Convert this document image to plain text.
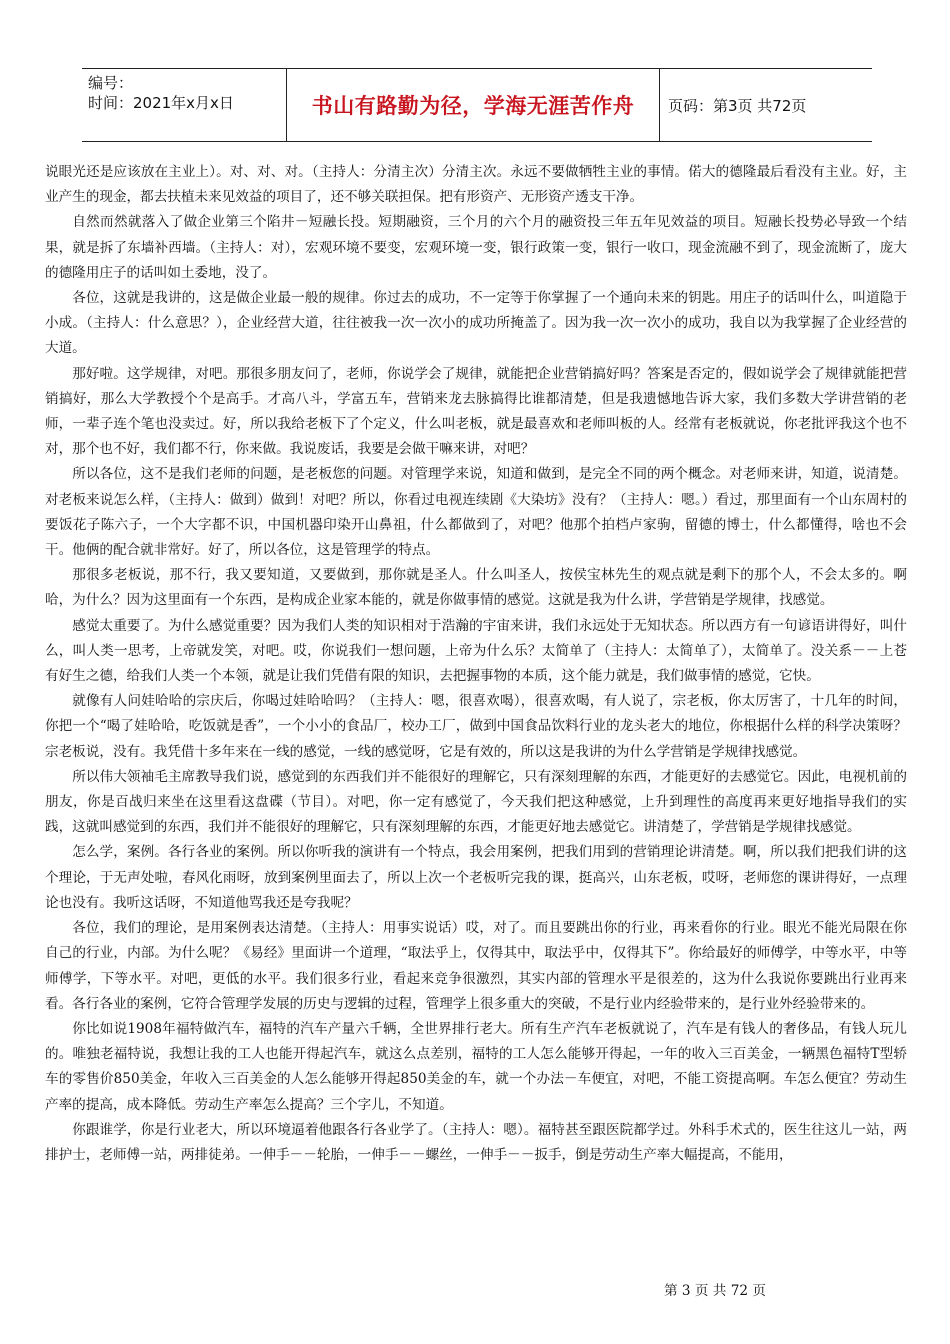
编号：
时间：2021年x月x日	书山有路勤为径，学海无涯苦作舟 页码：第3页 共72页

说眼光还是应该放在主业上）。对、对、对。（主持人：分清主次）分清主次。永远不要做牺牲主业的事情。偌大的德隆最后看没有主业。好，主业产生的现金，都去扶植未来见效益的项目了，还不够关联担保。把有形资产、无形资产透支干净。

自然而然就落入了做企业第三个陷井－短融长投。短期融资，三个月的六个月的融资投三年五年见效益的项目。短融长投势必导致一个结果，就是拆了东墙补西墙。（主持人：对），宏观环境不要变，宏观环境一变，银行政策一变，银行一收口，现金流融不到了，现金流断了，庞大的德隆用庄子的话叫如土委地，没了。

各位，这就是我讲的，这是做企业最一般的规律。你过去的成功，不一定等于你掌握了一个通向未来的钥匙。用庄子的话叫什么，叫道隐于小成。（主持人：什么意思？），企业经营大道，往往被我一次一次小的成功所掩盖了。因为我一次一次小的成功，我自以为我掌握了企业经营的大道。

那好啦。这学规律，对吧。那很多朋友问了，老师，你说学会了规律，就能把企业营销搞好吗？答案是否定的，假如说学会了规律就能把营销搞好，那么大学教授个个是高手。才高八斗，学富五车，营销来龙去脉搞得比谁都清楚，但是我遗憾地告诉大家，我们多数大学讲营销的老师，一辈子连个笔也没卖过。好，所以我给老板下了个定义，什么叫老板，就是最喜欢和老师叫板的人。经常有老板就说，你老批评我这个也不对，那个也不好，我们都不行，你来做。我说废话，我要是会做干嘛来讲，对吧？

所以各位，这不是我们老师的问题，是老板您的问题。对管理学来说，知道和做到，是完全不同的两个概念。对老师来讲，知道，说清楚。对老板来说怎么样，（主持人：做到）做到！对吧？所以，你看过电视连续剧《大染坊》没有？（主持人：嗯。）看过，那里面有一个山东周村的要饭花子陈六子，一个大字都不识，中国机器印染开山鼻祖，什么都做到了，对吧？他那个拍档卢家驹，留德的博士，什么都懂得，啥也不会干。他俩的配合就非常好。好了，所以各位，这是管理学的特点。

那很多老板说，那不行，我又要知道，又要做到，那你就是圣人。什么叫圣人，按侯宝林先生的观点就是剩下的那个人，不会太多的。啊哈，为什么？因为这里面有一个东西，是构成企业家本能的，就是你做事情的感觉。这就是我为什么讲，学营销是学规律，找感觉。

感觉太重要了。为什么感觉重要？因为我们人类的知识相对于浩瀚的宇宙来讲，我们永远处于无知状态。所以西方有一句谚语讲得好，叫什么，叫人类一思考，上帝就发笑，对吧。哎，你说我们一想问题，上帝为什么乐？太简单了（主持人：太简单了），太简单了。没关系－－上苍有好生之德，给我们人类一个本领，就是让我们凭借有限的知识，去把握事物的本质，这个能力就是，我们做事情的感觉，它快。

就像有人问娃哈哈的宗庆后，你喝过娃哈哈吗？（主持人：嗯，很喜欢喝），很喜欢喝，有人说了，宗老板，你太厉害了，十几年的时间，你把一个“喝了娃哈哈，吃饭就是香”，一个小小的食品厂，校办工厂，做到中国食品饮料行业的龙头老大的地位，你根据什么样的科学决策呀？宗老板说，没有。我凭借十多年来在一线的感觉，一线的感觉呀，它是有效的，所以这是我讲的为什么学营销是学规律找感觉。

所以伟大领袖毛主席教导我们说，感觉到的东西我们并不能很好的理解它，只有深刻理解的东西，才能更好的去感觉它。因此，电视机前的朋友，你是百战归来坐在这里看这盘碟（节目）。对吧，你一定有感觉了，今天我们把这种感觉，上升到理性的高度再来更好地指导我们的实践，这就叫感觉到的东西，我们并不能很好的理解它，只有深刻理解的东西，才能更好地去感觉它。讲清楚了，学营销是学规律找感觉。

怎么学，案例。各行各业的案例。所以你听我的演讲有一个特点，我会用案例，把我们用到的营销理论讲清楚。啊，所以我们把我们讲的这个理论，于无声处啦，春风化雨呀，放到案例里面去了，所以上次一个老板听完我的课，挺高兴，山东老板，哎呀，老师您的课讲得好，一点理论也没有。我听这话呀，不知道他骂我还是夸我呢？

各位，我们的理论，是用案例表达清楚。（主持人：用事实说话）哎，对了。而且要跳出你的行业，再来看你的行业。眼光不能光局限在你自己的行业，内部。为什么呢？《易经》里面讲一个道理，“取法乎上，仅得其中，取法乎中，仅得其下”。你给最好的师傅学，中等水平，中等师傅学，下等水平。对吧，更低的水平。我们很多行业，看起来竞争很激烈，其实内部的管理水平是很差的，这为什么我说你要跳出行业再来看。各行各业的案例，它符合管理学发展的历史与逻辑的过程，管理学上很多重大的突破，不是行业内经验带来的，是行业外经验带来的。

你比如说1908年福特做汽车，福特的汽车产量六千辆，全世界排行老大。所有生产汽车老板就说了，汽车是有钱人的奢侈品，有钱人玩儿的。唯独老福特说，我想让我的工人也能开得起汽车，就这么点差别，福特的工人怎么能够开得起，一年的收入三百美金，一辆黑色福特T型轿车的零售价850美金，年收入三百美金的人怎么能够开得起850美金的车，就一个办法－车便宜，对吧，不能工资提高啊。车怎么便宜？劳动生产率的提高，成本降低。劳动生产率怎么提高？三个字儿，不知道。

你跟谁学，你是行业老大，所以环境逼着他跟各行各业学了。（主持人：嗯）。福特甚至跟医院都学过。外科手术式的，医生往这儿一站，两排护士，老师傅一站，两排徒弟。一伸手－－轮胎，一伸手－－螺丝，一伸手－－扳手，倒是劳动生产率大幅提高，不能用，

第 3 页 共 72 页
